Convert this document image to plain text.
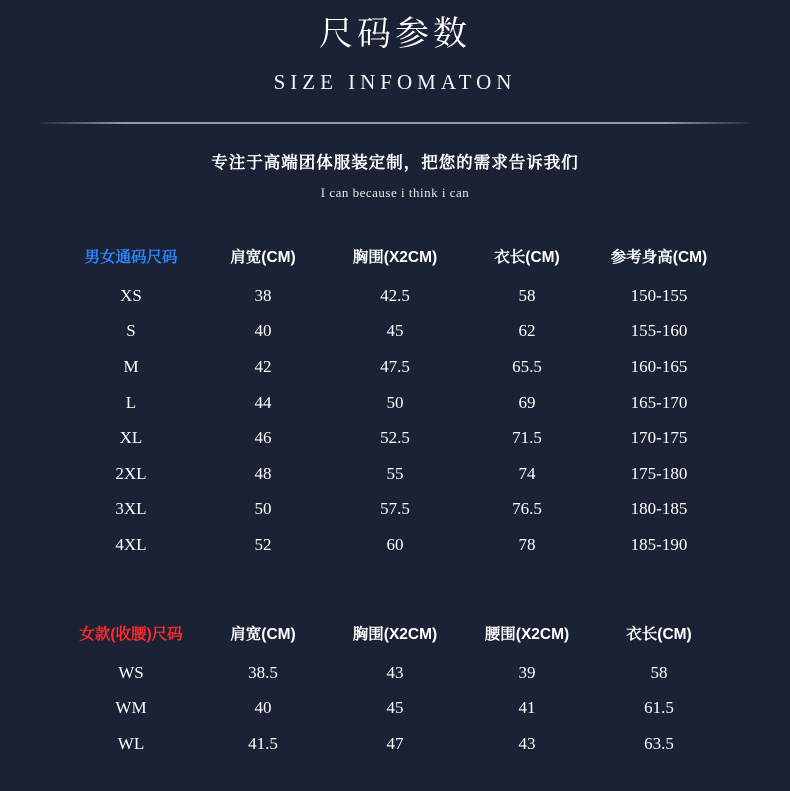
尺码参数
SIZE INFOMATON
专注于高端团体服装定制，把您的需求告诉我们
I can because i think i can
男女通码尺码	肩宽(CM)	胸围(X2CM)	衣长(CM)	参考身高(CM)
XS	38	42.5	58	150-155
S	40	45	62	155-160
M	42	47.5	65.5	160-165
L	44	50	69	165-170
XL	46	52.5	71.5	170-175
2XL	48	55	74	175-180
3XL	50	57.5	76.5	180-185
4XL	52	60	78	185-190
女款(收腰)尺码	肩宽(CM)	胸围(X2CM)	腰围(X2CM)	衣长(CM)
WS	38.5	43	39	58
WM	40	45	41	61.5
WL	41.5	47	43	63.5
